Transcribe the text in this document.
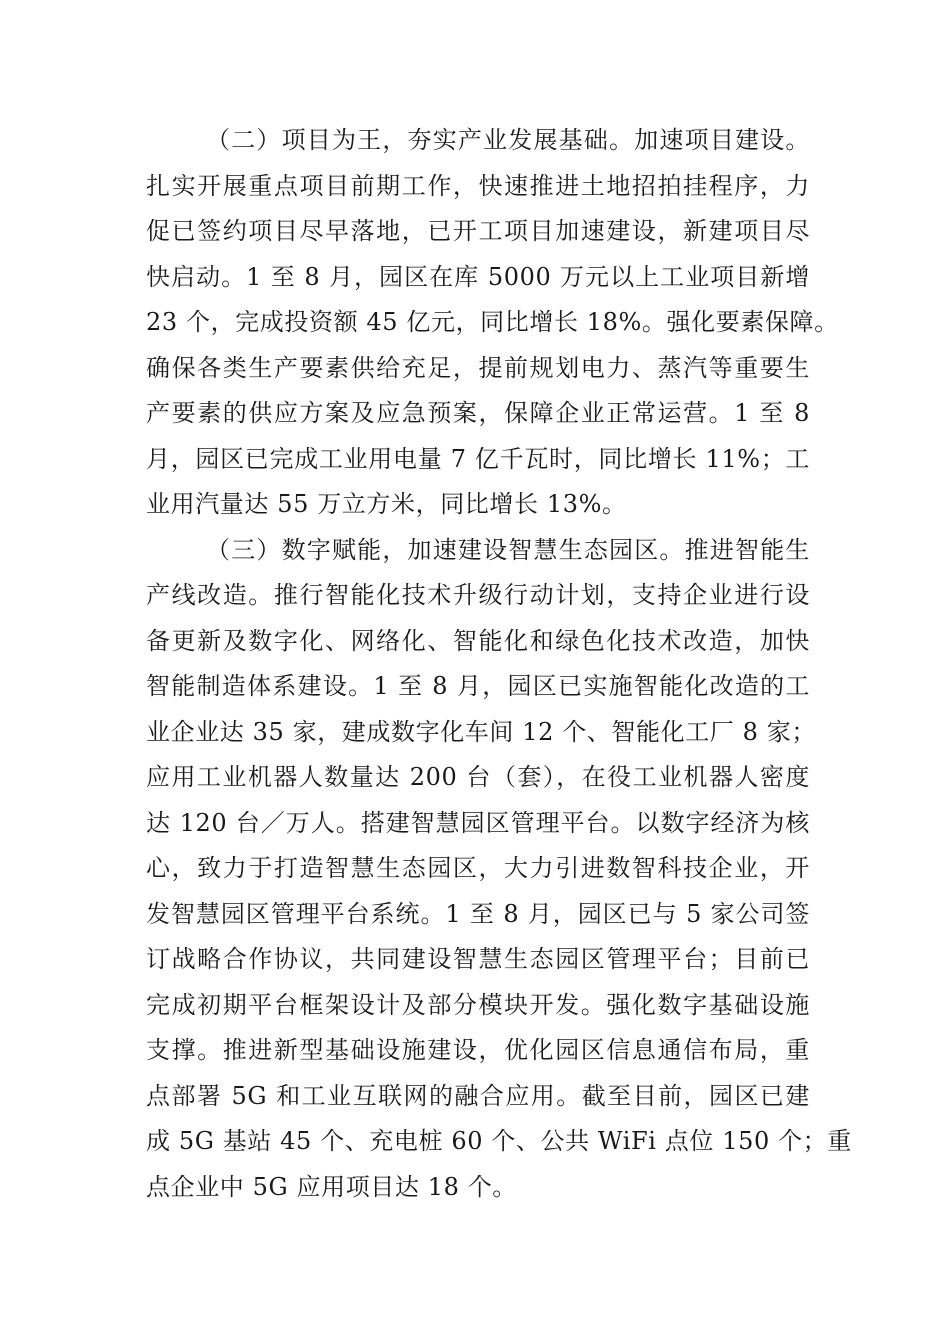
（二）项目为王，夯实产业发展基础。加速项目建设。
扎实开展重点项目前期工作，快速推进土地招拍挂程序，力
促已签约项目尽早落地，已开工项目加速建设，新建项目尽
快启动。1 至 8 月，园区在库 5000 万元以上工业项目新增
23 个，完成投资额 45 亿元，同比增长 18%。强化要素保障。
确保各类生产要素供给充足，提前规划电力、蒸汽等重要生
产要素的供应方案及应急预案，保障企业正常运营。1 至 8
月，园区已完成工业用电量 7 亿千瓦时，同比增长 11%；工
业用汽量达 55 万立方米，同比增长 13%。
（三）数字赋能，加速建设智慧生态园区。推进智能生
产线改造。推行智能化技术升级行动计划，支持企业进行设
备更新及数字化、网络化、智能化和绿色化技术改造，加快
智能制造体系建设。1 至 8 月，园区已实施智能化改造的工
业企业达 35 家，建成数字化车间 12 个、智能化工厂 8 家；
应用工业机器人数量达 200 台（套），在役工业机器人密度
达 120 台／万人。搭建智慧园区管理平台。以数字经济为核
心，致力于打造智慧生态园区，大力引进数智科技企业，开
发智慧园区管理平台系统。1 至 8 月，园区已与 5 家公司签
订战略合作协议，共同建设智慧生态园区管理平台；目前已
完成初期平台框架设计及部分模块开发。强化数字基础设施
支撑。推进新型基础设施建设，优化园区信息通信布局，重
点部署 5G 和工业互联网的融合应用。截至目前，园区已建
成 5G 基站 45 个、充电桩 60 个、公共 WiFi 点位 150 个；重
点企业中 5G 应用项目达 18 个。
